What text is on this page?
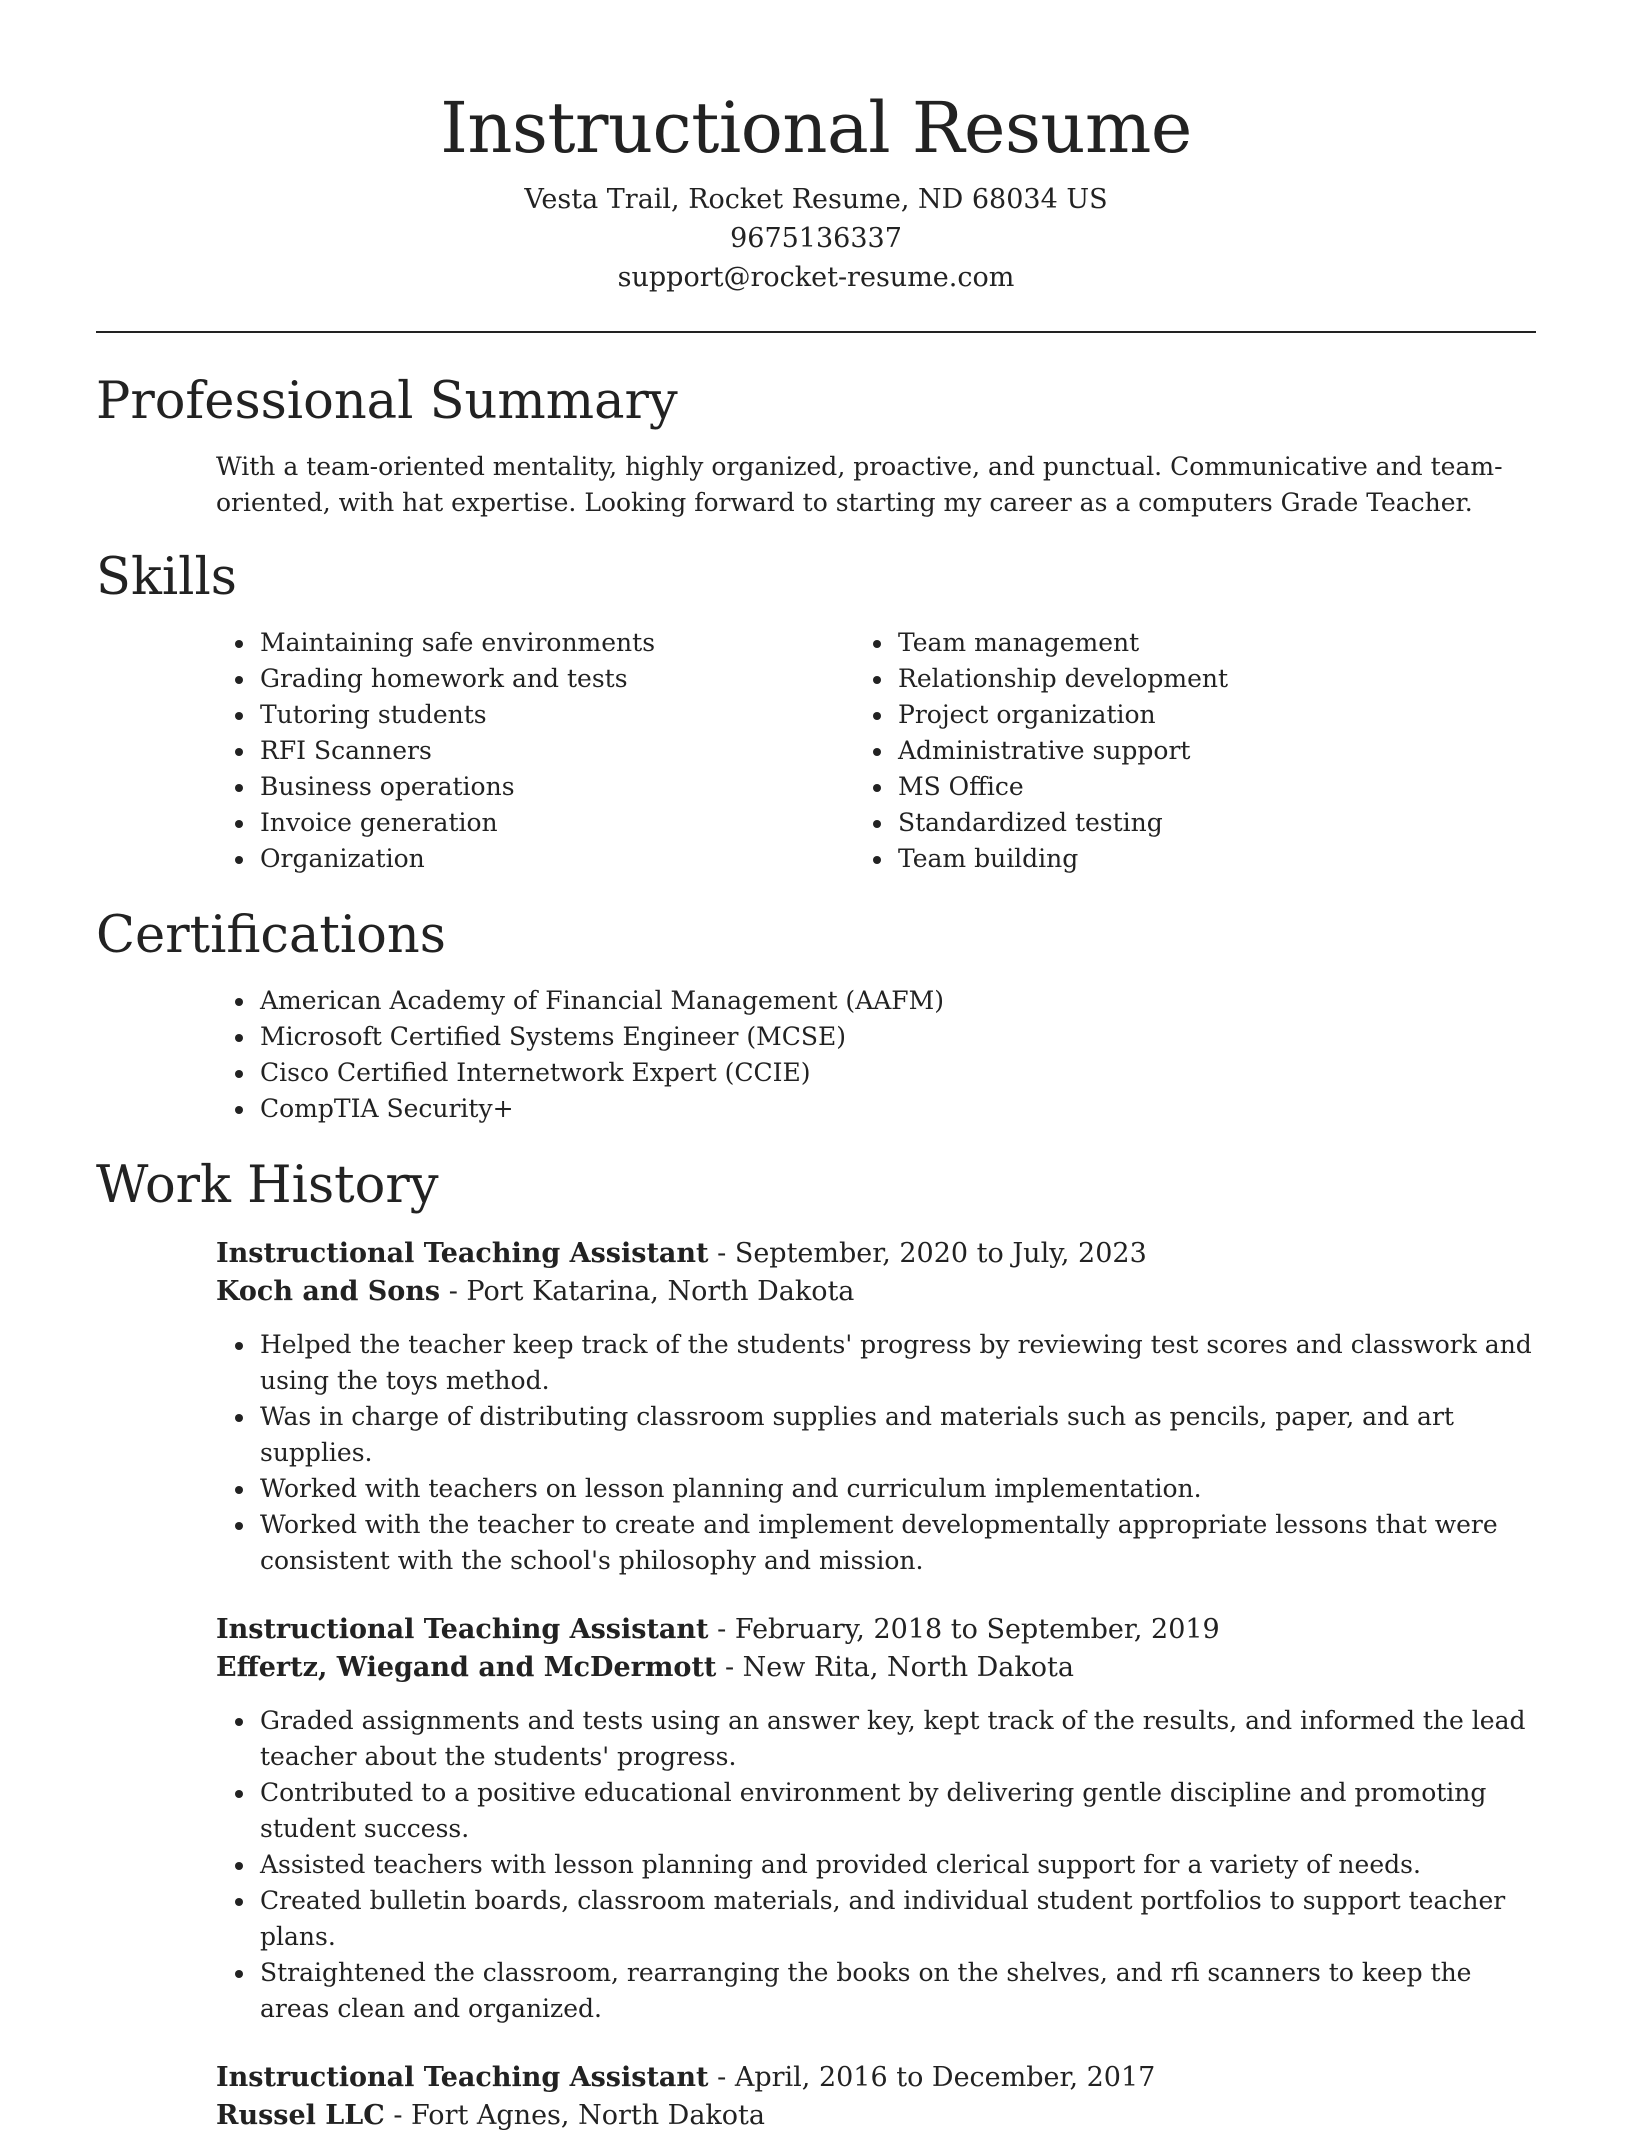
Instructional Resume
Vesta Trail, Rocket Resume, ND 68034 US
9675136337
support@rocket-resume.com
Professional Summary

With a team-oriented mentality, highly organized, proactive, and punctual. Communicative and team-oriented, with hat expertise. Looking forward to starting my career as a computers Grade Teacher.

Skills
Maintaining safe environments
Grading homework and tests
Tutoring students
RFI Scanners
Business operations
Invoice generation
Organization
Team management
Relationship development
Project organization
Administrative support
MS Office
Standardized testing
Team building
Certifications
American Academy of Financial Management (AAFM)
Microsoft Certified Systems Engineer (MCSE)
Cisco Certified Internetwork Expert (CCIE)
CompTIA Security+
Work History
Instructional Teaching Assistant - September, 2020 to July, 2023
Koch and Sons - Port Katarina, North Dakota
Helped the teacher keep track of the students' progress by reviewing test scores and classwork and using the toys method.
Was in charge of distributing classroom supplies and materials such as pencils, paper, and art supplies.
Worked with teachers on lesson planning and curriculum implementation.
Worked with the teacher to create and implement developmentally appropriate lessons that were consistent with the school's philosophy and mission.
Instructional Teaching Assistant - February, 2018 to September, 2019
Effertz, Wiegand and McDermott - New Rita, North Dakota
Graded assignments and tests using an answer key, kept track of the results, and informed the lead teacher about the students' progress.
Contributed to a positive educational environment by delivering gentle discipline and promoting student success.
Assisted teachers with lesson planning and provided clerical support for a variety of needs.
Created bulletin boards, classroom materials, and individual student portfolios to support teacher plans.
Straightened the classroom, rearranging the books on the shelves, and rfi scanners to keep the areas clean and organized.
Instructional Teaching Assistant - April, 2016 to December, 2017
Russel LLC - Fort Agnes, North Dakota
